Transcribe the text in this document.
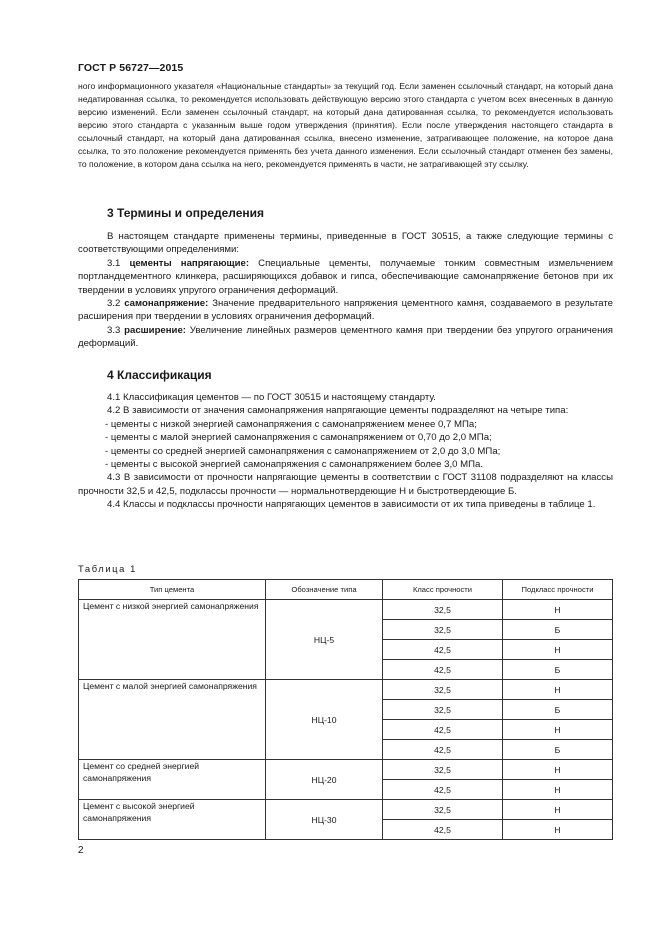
ГОСТ Р 56727—2015

ного информационного указателя «Национальные стандарты» за текущий год. Если заменен ссылочный стандарт, на который дана недатированная ссылка, то рекомендуется использовать действующую версию этого стандарта с учетом всех внесенных в данную версию изменений. Если заменен ссылочный стандарт, на который дана датированная ссылка, то рекомендуется использовать версию этого стандарта с указанным выше годом утверждения (принятия). Если после утверждения настоящего стандарта в ссылочный стандарт, на который дана датированная ссылка, внесено изменение, затрагивающее положение, на которое дана ссылка, то это положение рекомендуется применять без учета данного изменения. Если ссылочный стандарт отменен без замены, то положение, в котором дана ссылка на него, рекомендуется применять в части, не затрагивающей эту ссылку.

3 Термины и определения

В настоящем стандарте применены термины, приведенные в ГОСТ 30515, а также следующие термины с соответствующими определениями:

3.1 цементы напрягающие: Специальные цементы, получаемые тонким совместным измельчением портландцементного клинкера, расширяющихся добавок и гипса, обеспечивающие самонапряжение бетонов при их твердении в условиях упругого ограничения деформаций.

3.2 самонапряжение: Значение предварительного напряжения цементного камня, создаваемого в результате расширения при твердении в условиях ограничения деформаций.

3.3 расширение: Увеличение линейных размеров цементного камня при твердении без упругого ограничения деформаций.

4 Классификация

4.1 Классификация цементов — по ГОСТ 30515 и настоящему стандарту.

4.2 В зависимости от значения самонапряжения напрягающие цементы подразделяют на четыре типа:

- цементы с низкой энергией самонапряжения с самонапряжением менее 0,7 МПа;

- цементы с малой энергией самонапряжения с самонапряжением от 0,70 до 2,0 МПа;

- цементы со средней энергией самонапряжения с самонапряжением от 2,0 до 3,0 МПа;

- цементы с высокой энергией самонапряжения с самонапряжением более 3,0 МПа.

4.3 В зависимости от прочности напрягающие цементы в соответствии с ГОСТ 31108 подразделяют на классы прочности 32,5 и 42,5, подклассы прочности — нормальнотвердеющие Н и быстротвердеющие Б.

4.4 Классы и подклассы прочности напрягающих цементов в зависимости от их типа приведены в таблице 1.

Таблица 1
Тип цемента	Обозначение типа	Класс прочности	Подкласс прочности
Цемент с низкой энергией самонапряжения	НЦ-5	32,5	Н
		32,5	Б
		42,5	Н
		42,5	Б
Цемент с малой энергией самонапряжения	НЦ-10	32,5	Н
		32,5	Б
		42,5	Н
		42,5	Б
Цемент со средней энергией самонапряжения	НЦ-20	32,5	Н
		42,5	Н
Цемент с высокой энергией самонапряжения	НЦ-30	32,5	Н
		42,5	Н
2
